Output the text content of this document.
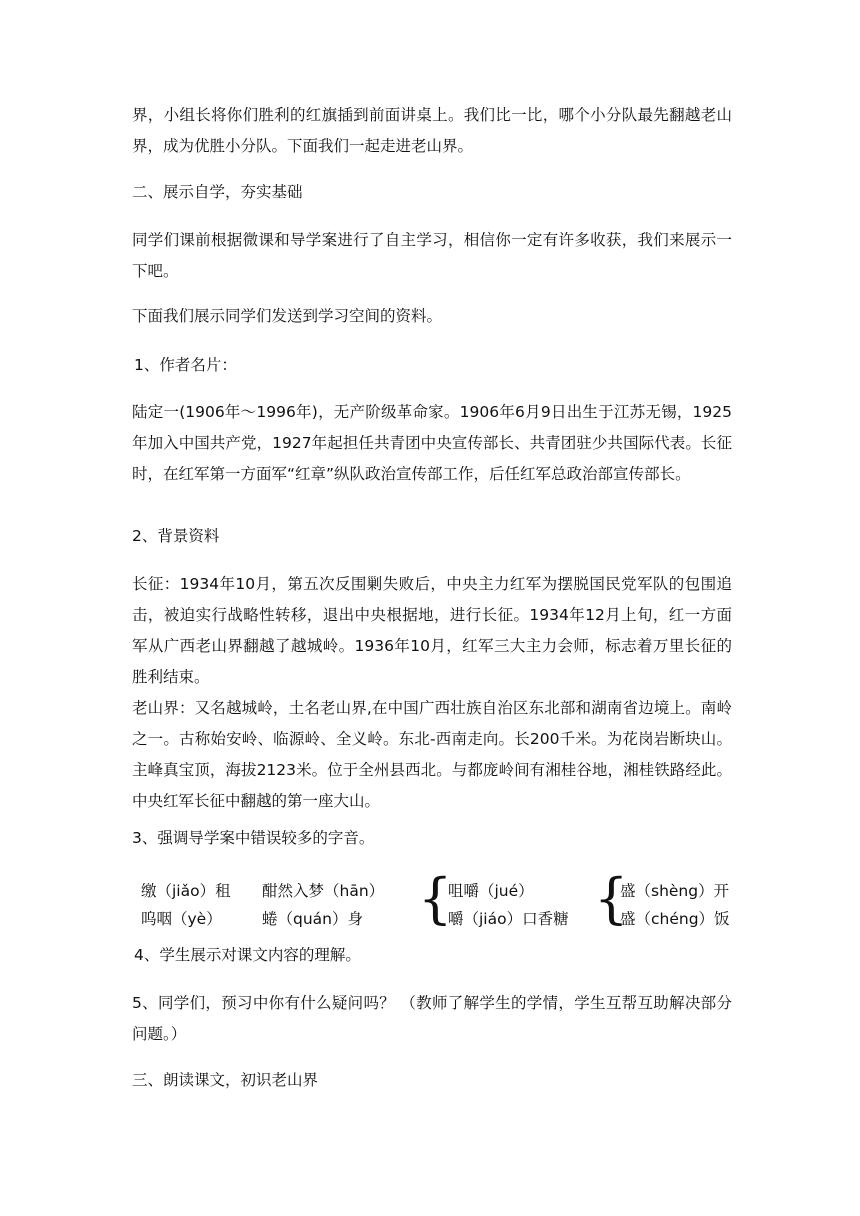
界，小组长将你们胜利的红旗插到前面讲桌上。我们比一比，哪个小分队最先翻越老山界，成为优胜小分队。下面我们一起走进老山界。

二、展示自学，夯实基础

同学们课前根据微课和导学案进行了自主学习，相信你一定有许多收获，我们来展示一下吧。

下面我们展示同学们发送到学习空间的资料。

1、作者名片：

陆定一(1906年～1996年)，无产阶级革命家。1906年6月9日出生于江苏无锡，1925年加入中国共产党，1927年起担任共青团中央宣传部长、共青团驻少共国际代表。长征时，在红军第一方面军“红章”纵队政治宣传部工作，后任红军总政治部宣传部长。

2、背景资料

长征：1934年10月，第五次反围剿失败后，中央主力红军为摆脱国民党军队的包围追击，被迫实行战略性转移，退出中央根据地，进行长征。1934年12月上旬，红一方面军从广西老山界翻越了越城岭。1936年10月，红军三大主力会师，标志着万里长征的胜利结束。

老山界：又名越城岭，土名老山界,在中国广西壮族自治区东北部和湖南省边境上。南岭之一。古称始安岭、临源岭、全义岭。东北-西南走向。长200千米。为花岗岩断块山。主峰真宝顶，海拔2123米。位于全州县西北。与都庞岭间有湘桂谷地，湘桂铁路经此。中央红军长征中翻越的第一座大山。

3、强调导学案中错误较多的字音。

缴（jiǎo）租
呜咽（yè）
酣然入梦（hān）
蜷（quán）身 {
咀嚼（jué）
嚼（jiáo）口香糖 {
盛（shèng）开
盛（chéng）饭

4、学生展示对课文内容的理解。

5、同学们，预习中你有什么疑问吗？ （教师了解学生的学情，学生互帮互助解决部分问题。）

三、朗读课文，初识老山界
